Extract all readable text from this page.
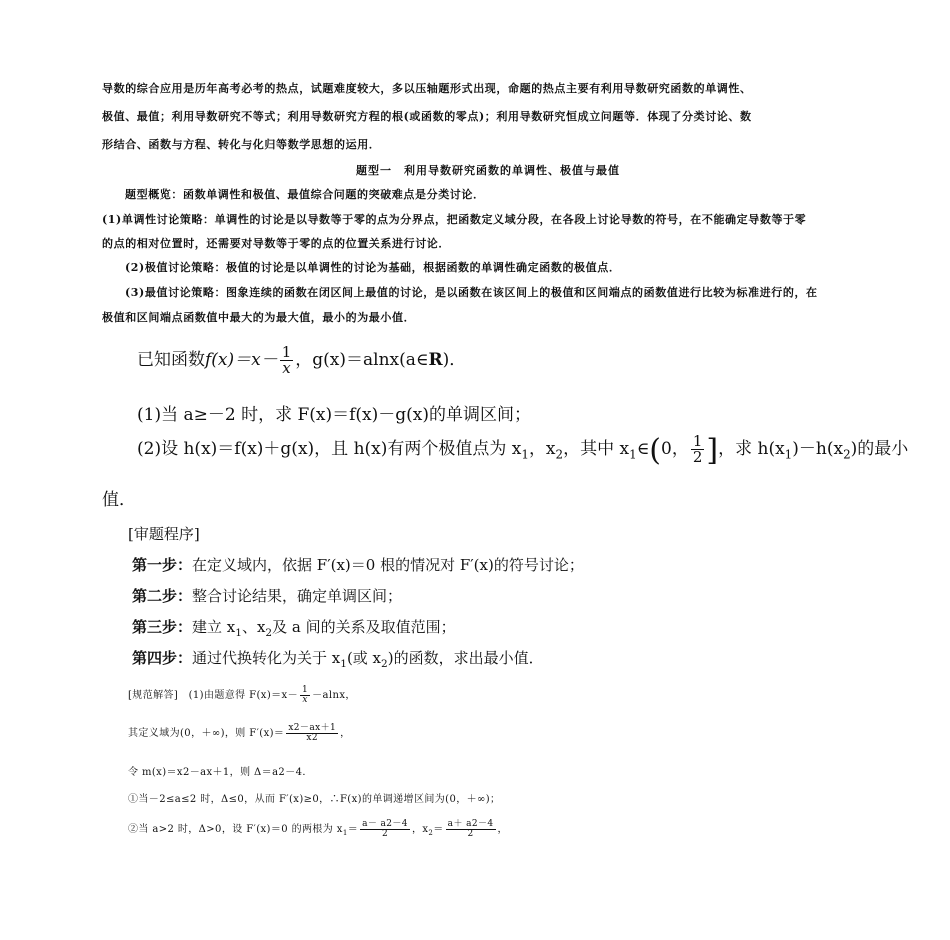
导数的综合应用是历年高考必考的热点，试题难度较大，多以压轴题形式出现，命题的热点主要有利用导数研究函数的单调性、
极值、最值；利用导数研究不等式；利用导数研究方程的根(或函数的零点)；利用导数研究恒成立问题等．体现了分类讨论、数
形结合、函数与方程、转化与化归等数学思想的运用．
题型一　利用导数研究函数的单调性、极值与最值
题型概览：函数单调性和极值、最值综合问题的突破难点是分类讨论．
(1)单调性讨论策略：单调性的讨论是以导数等于零的点为分界点，把函数定义域分段，在各段上讨论导数的符号，在不能确定导数等于零
的点的相对位置时，还需要对导数等于零的点的位置关系进行讨论．
(2)极值讨论策略：极值的讨论是以单调性的讨论为基础，根据函数的单调性确定函数的极值点．
(3)最值讨论策略：图象连续的函数在闭区间上最值的讨论，是以函数在该区间上的极值和区间端点的函数值进行比较为标准进行的，在
极值和区间端点函数值中最大的为最大值，最小的为最小值．
已知函数$f(x)=x- \frac{1}{x}$ ，g(x)＝alnx(a∈R)．
(1)当 a≥－2 时，求 F(x)＝f(x)－g(x)的单调区间；
(2)设 h(x)＝f(x)＋g(x)，且 h(x)有两个极值点为 $x_1$，$x_2$，其中 $x_1\in(0$， $\frac{1}{2}$ ]，求 $h(x_1)-h(x_2)$的最小
值．
[审题程序]
第一步：在定义域内，依据 F′(x)＝0 根的情况对 F′(x)的符号讨论；
第二步：整合讨论结果，确定单调区间；
第三步：建立 $x_1$、$x_2$及 a 间的关系及取值范围；
第四步：通过代换转化为关于 $x_1$(或 $x_2$)的函数，求出最小值．
[规范解答]　 (1)由题意得 $F(x)=x- \frac{1}{x} -alnx$，
其定义域为(0，＋∞)，则 $F'(x)= \frac{x2-ax+1}{x2}$ ，
令 m(x)＝x2－ax＋1，则 Δ＝a2－4．
①当－2≤a≤2 时，Δ≤0，从而 F′(x)≥0，∴F(x)的单调递增区间为(0，＋∞)；
②当 a>2 时，Δ>0，设 F′(x)＝0 的两根为 $x_1= \frac{a- a2-4}{2}$ ，$x_2= \frac{a+ a2-4}{2}$ ，
